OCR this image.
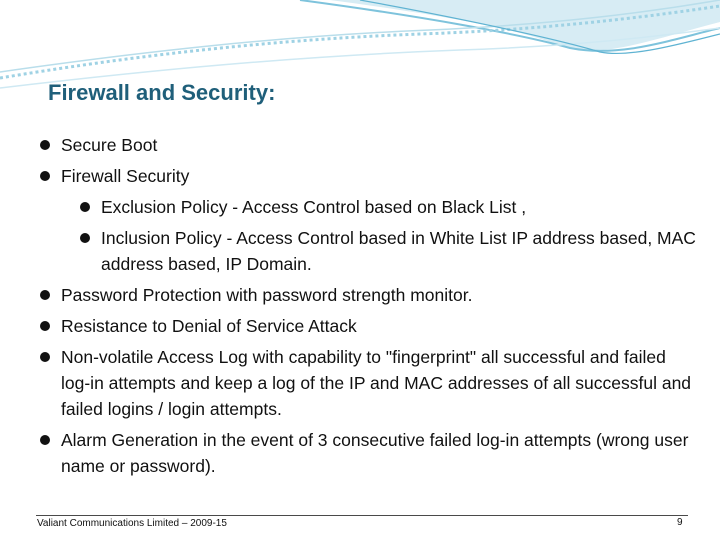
Firewall and Security:
Secure Boot
Firewall Security
Exclusion Policy - Access Control based on Black List ,
Inclusion Policy - Access Control based in White List IP address based, MAC address based, IP Domain.
Password Protection with password strength monitor.
Resistance to Denial of Service Attack
Non-volatile Access Log with capability to "fingerprint" all successful and failed log-in attempts and keep a log of the IP and MAC addresses of all successful and failed logins / login attempts.
Alarm Generation in the event of 3 consecutive failed log-in attempts (wrong user name or password).
Valiant Communications Limited – 2009-15	9
